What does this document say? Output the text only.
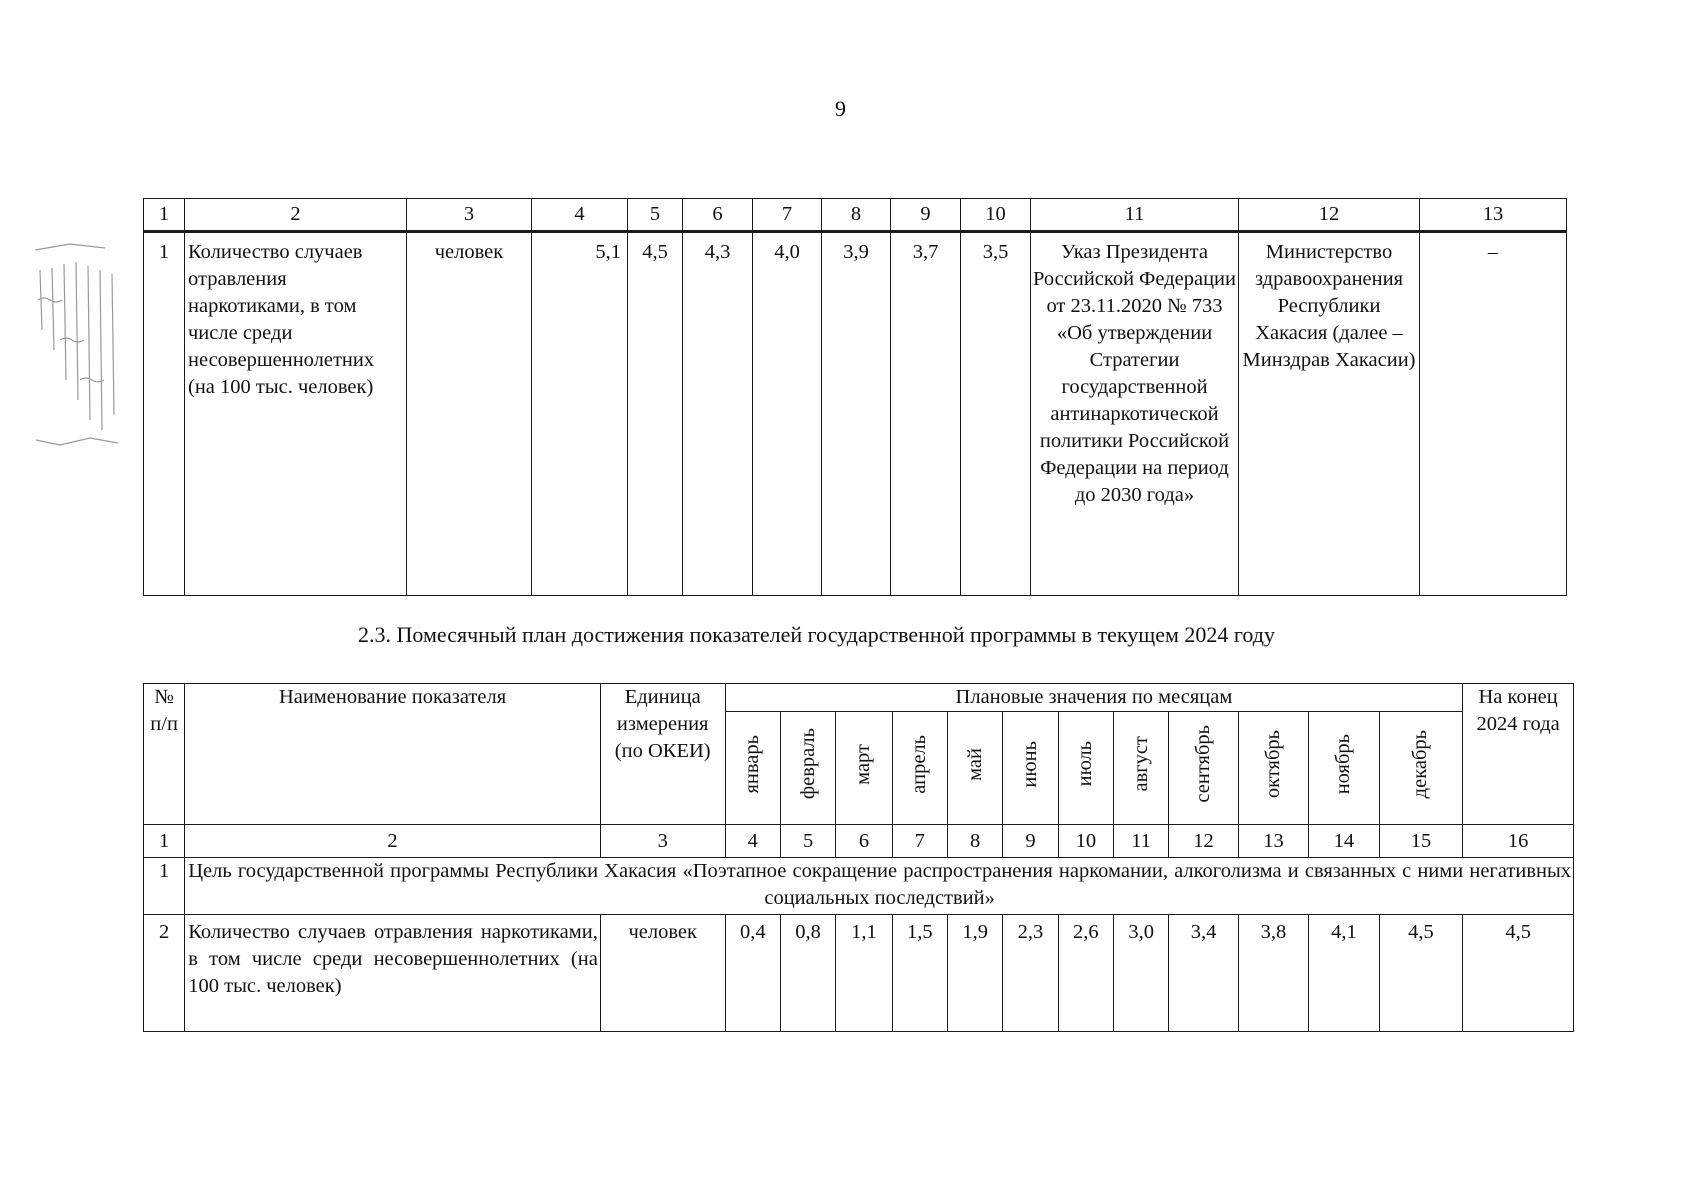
9
1	2	3	4	5	6	7	8	9	10	11	12	13
1	Количество случаев отравления наркотиками, в том числе среди несовершеннолетних (на 100 тыс. человек)	человек	5,1	4,5	4,3	4,0	3,9	3,7	3,5	Указ Президента Российской Федерации от 23.11.2020 № 733 «Об утверждении Стратегии государственной антинаркотической политики Российской Федерации на период до 2030 года»	Министерство здравоохранения Республики Хакасия (далее – Минздрав Хакасии)	–
2.3. Помесячный план достижения показателей государственной программы в текущем 2024 году
№ п/п	Наименование показателя	Единица измерения (по ОКЕИ)	Плановые значения по месяцам												На конец 2024 года
			январь	февраль	март	апрель	май	июнь	июль	август	сентябрь	октябрь	ноябрь	декабрь	
1	2	3	4	5	6	7	8	9	10	11	12	13	14	15	16
1	Цель государственной программы Республики Хакасия «Поэтапное сокращение распространения наркомании, алкоголизма и связанных с ними негативных социальных последствий»														
2	Количество случаев отравления наркотиками, в том числе среди несовершеннолетних (на 100 тыс. человек)	человек	0,4	0,8	1,1	1,5	1,9	2,3	2,6	3,0	3,4	3,8	4,1	4,5	4,5
